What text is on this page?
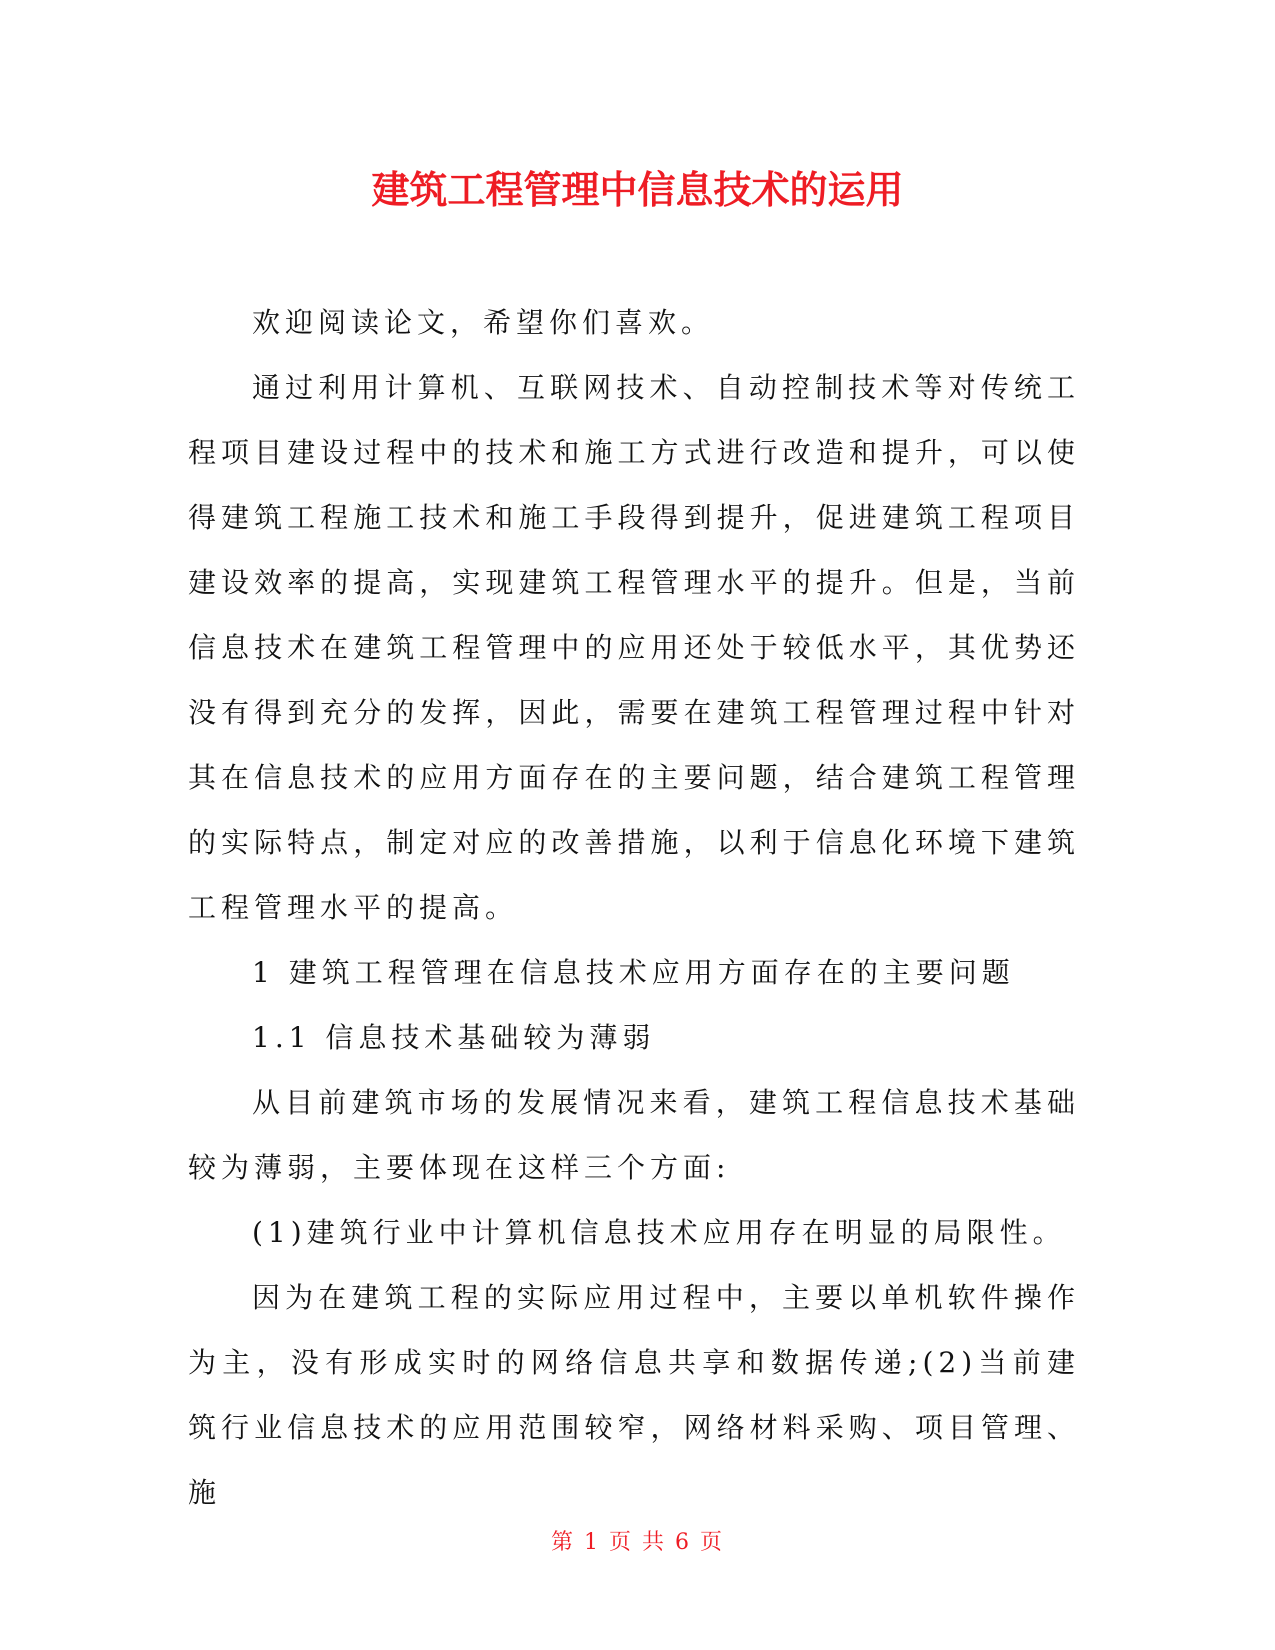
建筑工程管理中信息技术的运用

欢迎阅读论文，希望你们喜欢。

通过利用计算机、互联网技术、自动控制技术等对传统工程项目建设过程中的技术和施工方式进行改造和提升，可以使得建筑工程施工技术和施工手段得到提升，促进建筑工程项目建设效率的提高，实现建筑工程管理水平的提升。但是，当前信息技术在建筑工程管理中的应用还处于较低水平，其优势还没有得到充分的发挥，因此，需要在建筑工程管理过程中针对其在信息技术的应用方面存在的主要问题，结合建筑工程管理的实际特点，制定对应的改善措施，以利于信息化环境下建筑工程管理水平的提高。

1 建筑工程管理在信息技术应用方面存在的主要问题

1.1 信息技术基础较为薄弱

从目前建筑市场的发展情况来看，建筑工程信息技术基础较为薄弱，主要体现在这样三个方面:

(1)建筑行业中计算机信息技术应用存在明显的局限性。

因为在建筑工程的实际应用过程中，主要以单机软件操作为主，没有形成实时的网络信息共享和数据传递;(2)当前建筑行业信息技术的应用范围较窄，网络材料采购、项目管理、施

第 1 页 共 6 页
